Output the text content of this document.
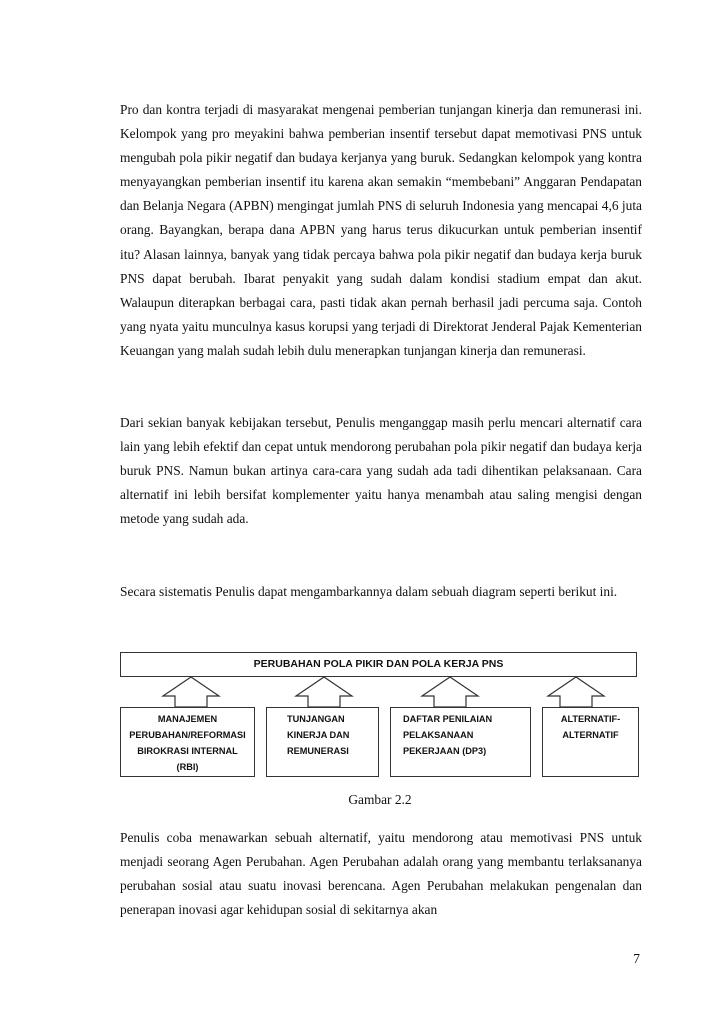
Pro dan kontra terjadi di masyarakat mengenai pemberian tunjangan kinerja dan remunerasi ini. Kelompok yang pro meyakini bahwa pemberian insentif tersebut dapat memotivasi PNS untuk mengubah pola pikir negatif dan budaya kerjanya yang buruk. Sedangkan kelompok yang kontra menyayangkan pemberian insentif itu karena akan semakin “membebani” Anggaran Pendapatan dan Belanja Negara (APBN) mengingat jumlah PNS di seluruh Indonesia yang mencapai 4,6 juta orang. Bayangkan, berapa dana APBN yang harus terus dikucurkan untuk pemberian insentif itu? Alasan lainnya, banyak yang tidak percaya bahwa pola pikir negatif dan budaya kerja buruk PNS dapat berubah. Ibarat penyakit yang sudah dalam kondisi stadium empat dan akut. Walaupun diterapkan berbagai cara, pasti tidak akan pernah berhasil jadi percuma saja. Contoh yang nyata yaitu munculnya kasus korupsi yang terjadi di Direktorat Jenderal Pajak Kementerian Keuangan yang malah sudah lebih dulu menerapkan tunjangan kinerja dan remunerasi.

Dari sekian banyak kebijakan tersebut, Penulis menganggap masih perlu mencari alternatif cara lain yang lebih efektif dan cepat untuk mendorong perubahan pola pikir negatif dan budaya kerja buruk PNS. Namun bukan artinya cara-cara yang sudah ada tadi dihentikan pelaksanaan. Cara alternatif ini lebih bersifat komplementer yaitu hanya menambah atau saling mengisi dengan metode yang sudah ada.

Secara sistematis Penulis dapat mengambarkannya dalam sebuah diagram seperti berikut ini.

PERUBAHAN POLA PIKIR DAN POLA KERJA PNS
MANAJEMEN
PERUBAHAN/REFORMASI
BIROKRASI INTERNAL
(RBI)
TUNJANGAN
KINERJA DAN
REMUNERASI
DAFTAR PENILAIAN
PELAKSANAAN
PEKERJAAN (DP3)
ALTERNATIF-
ALTERNATIF
Gambar 2.2

Penulis coba menawarkan sebuah alternatif, yaitu mendorong atau memotivasi PNS untuk menjadi seorang Agen Perubahan. Agen Perubahan adalah orang yang membantu terlaksananya perubahan sosial atau suatu inovasi berencana. Agen Perubahan melakukan pengenalan dan penerapan inovasi agar kehidupan sosial di sekitarnya akan

7
